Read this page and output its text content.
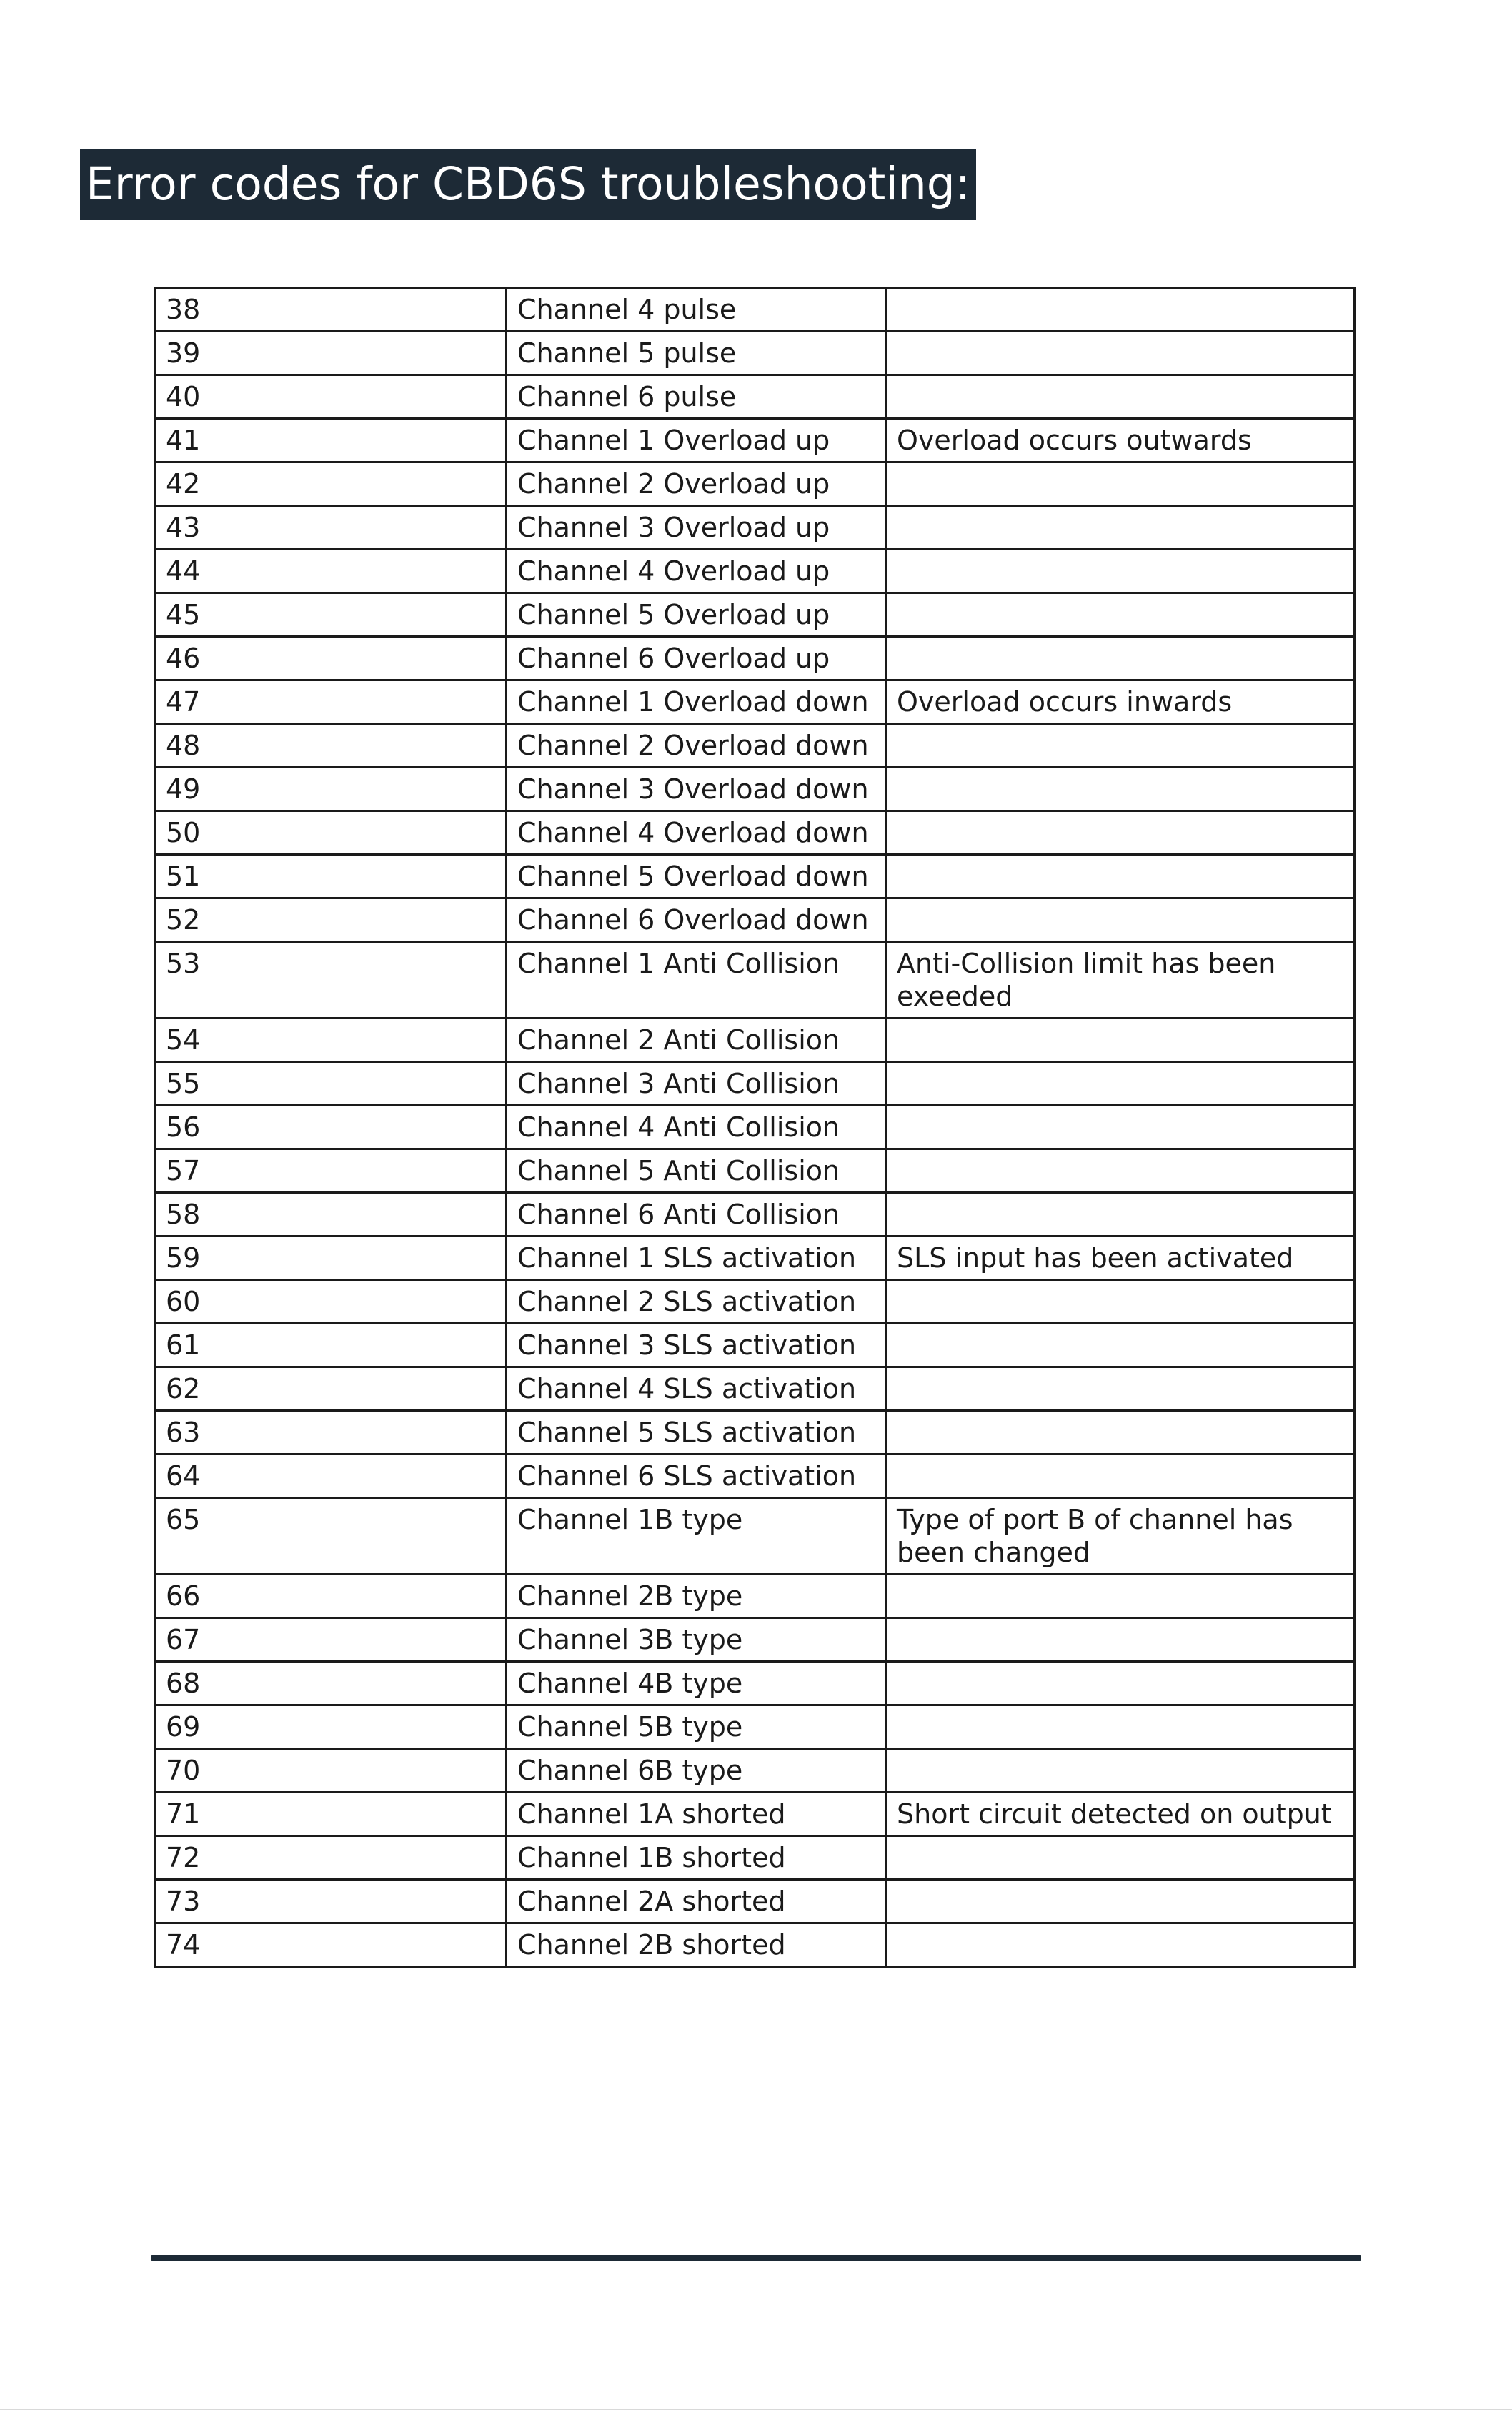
Error codes for CBD6S troubleshooting:
38	Channel 4 pulse	
39	Channel 5 pulse	
40	Channel 6 pulse	
41	Channel 1 Overload up	Overload occurs outwards
42	Channel 2 Overload up	
43	Channel 3 Overload up	
44	Channel 4 Overload up	
45	Channel 5 Overload up	
46	Channel 6 Overload up	
47	Channel 1 Overload down	Overload occurs inwards
48	Channel 2 Overload down	
49	Channel 3 Overload down	
50	Channel 4 Overload down	
51	Channel 5 Overload down	
52	Channel 6 Overload down	
53	Channel 1 Anti Collision	Anti-Collision limit has been exeeded
54	Channel 2 Anti Collision	
55	Channel 3 Anti Collision	
56	Channel 4 Anti Collision	
57	Channel 5 Anti Collision	
58	Channel 6 Anti Collision	
59	Channel 1 SLS activation	SLS input has been activated
60	Channel 2 SLS activation	
61	Channel 3 SLS activation	
62	Channel 4 SLS activation	
63	Channel 5 SLS activation	
64	Channel 6 SLS activation	
65	Channel 1B type	Type of port B of channel has been changed
66	Channel 2B type	
67	Channel 3B type	
68	Channel 4B type	
69	Channel 5B type	
70	Channel 6B type	
71	Channel 1A shorted	Short circuit detected on output
72	Channel 1B shorted	
73	Channel 2A shorted	
74	Channel 2B shorted	
